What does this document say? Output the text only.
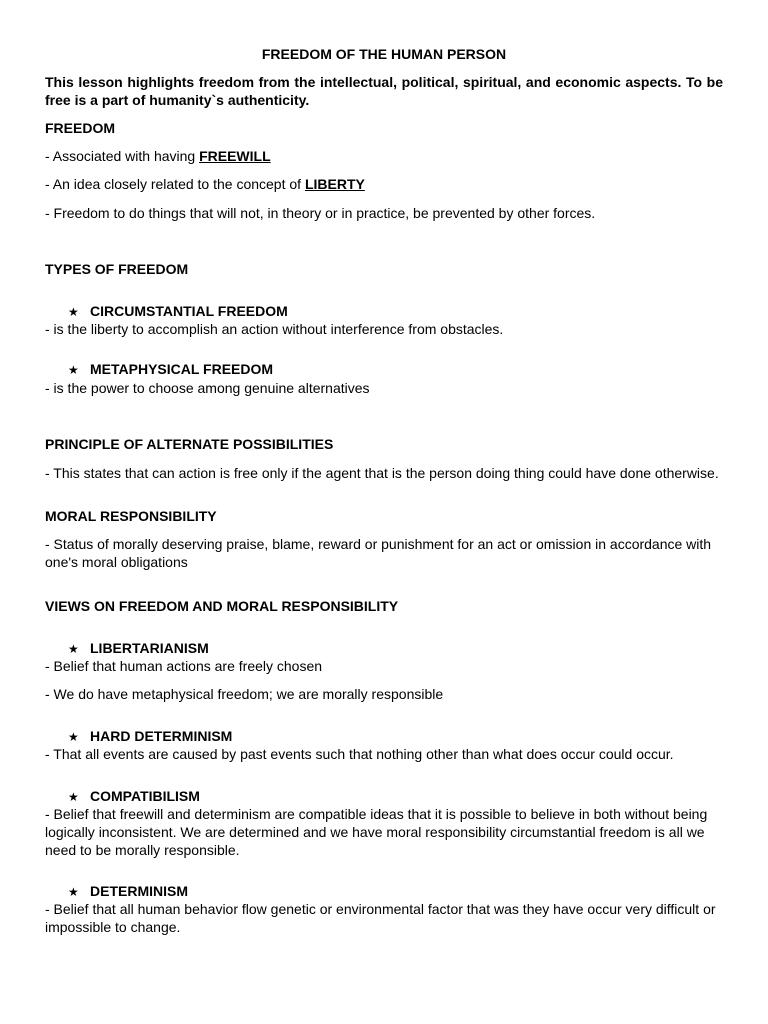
FREEDOM OF THE HUMAN PERSON

This lesson highlights freedom from the intellectual, political, spiritual, and economic aspects. To be free is a part of humanity`s authenticity.

FREEDOM

- Associated with having FREEWILL

- An idea closely related to the concept of LIBERTY

- Freedom to do things that will not, in theory or in practice, be prevented by other forces.

TYPES OF FREEDOM

★ CIRCUMSTANTIAL FREEDOM

- is the liberty to accomplish an action without interference from obstacles.

★ METAPHYSICAL FREEDOM

- is the power to choose among genuine alternatives

PRINCIPLE OF ALTERNATE POSSIBILITIES

- This states that can action is free only if the agent that is the person doing thing could have done otherwise.

MORAL RESPONSIBILITY

- Status of morally deserving praise, blame, reward or punishment for an act or omission in accordance with one's moral obligations

VIEWS ON FREEDOM AND MORAL RESPONSIBILITY

★ LIBERTARIANISM

- Belief that human actions are freely chosen

- We do have metaphysical freedom; we are morally responsible

★ HARD DETERMINISM

- That all events are caused by past events such that nothing other than what does occur could occur.

★ COMPATIBILISM

- Belief that freewill and determinism are compatible ideas that it is possible to believe in both without being logically inconsistent. We are determined and we have moral responsibility circumstantial freedom is all we need to be morally responsible.

★ DETERMINISM

- Belief that all human behavior flow genetic or environmental factor that was they have occur very difficult or impossible to change.
